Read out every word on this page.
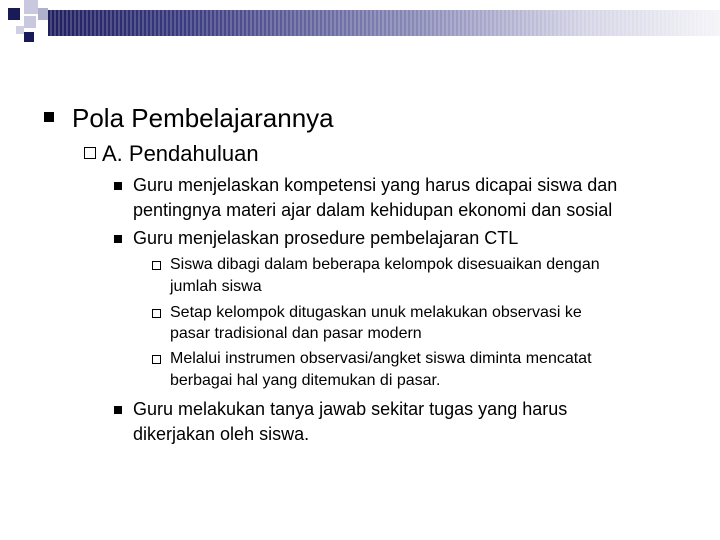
Pola Pembelajarannya
A. Pendahuluan
Guru menjelaskan kompetensi yang harus dicapai siswa dan
pentingnya materi ajar dalam kehidupan ekonomi dan sosial
Guru menjelaskan prosedure pembelajaran CTL
Siswa dibagi dalam beberapa kelompok disesuaikan dengan
jumlah siswa
Setap kelompok ditugaskan unuk melakukan observasi ke
pasar tradisional dan pasar modern
Melalui instrumen observasi/angket siswa diminta mencatat
berbagai hal yang ditemukan di pasar.
Guru melakukan tanya jawab sekitar tugas yang harus
dikerjakan oleh siswa.
